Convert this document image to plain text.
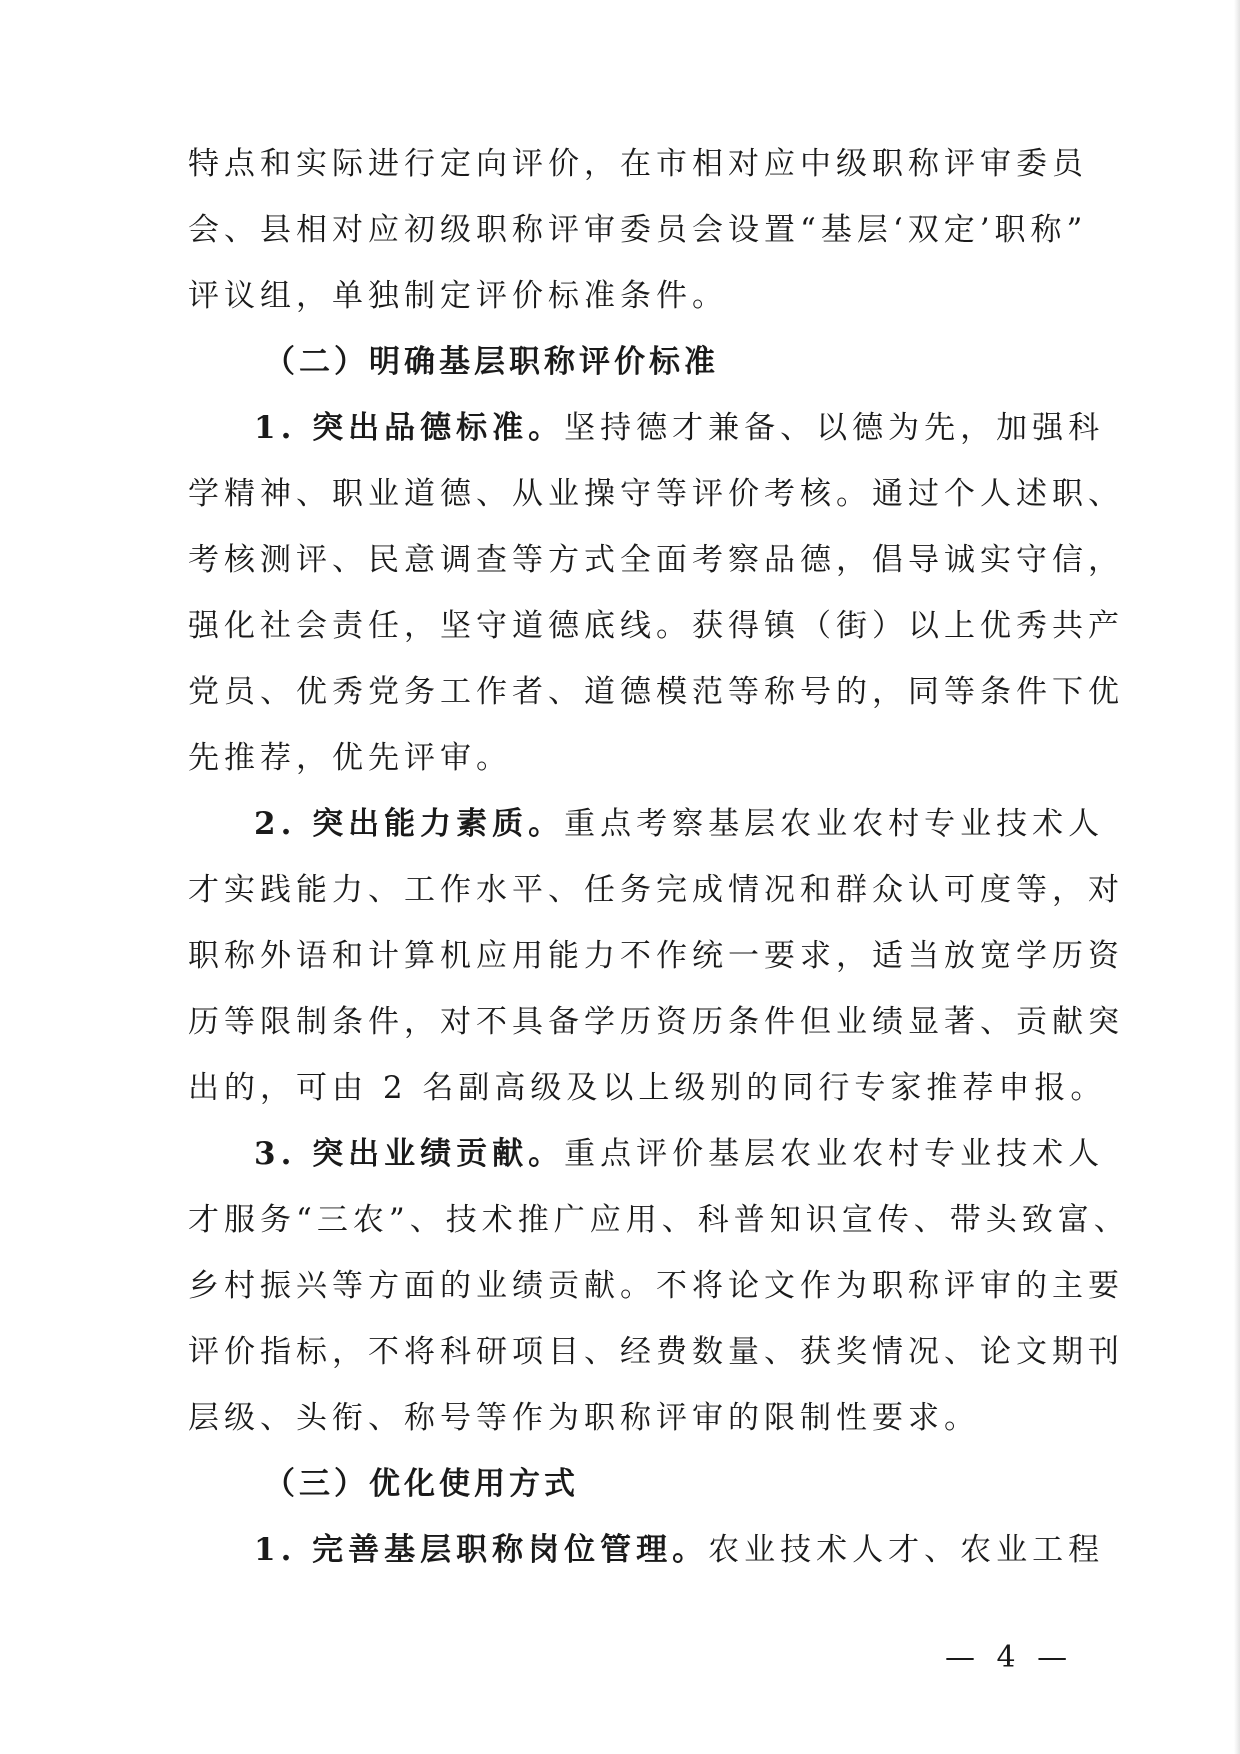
特点和实际进行定向评价，在市相对应中级职称评审委员
会、县相对应初级职称评审委员会设置“基层‘双定’职称”
评议组，单独制定评价标准条件。
（二）明确基层职称评价标准
1. 突出品德标准。坚持德才兼备、以德为先，加强科
学精神、职业道德、从业操守等评价考核。通过个人述职、
考核测评、民意调查等方式全面考察品德，倡导诚实守信，
强化社会责任，坚守道德底线。获得镇（街）以上优秀共产
党员、优秀党务工作者、道德模范等称号的，同等条件下优
先推荐，优先评审。
2. 突出能力素质。重点考察基层农业农村专业技术人
才实践能力、工作水平、任务完成情况和群众认可度等，对
职称外语和计算机应用能力不作统一要求，适当放宽学历资
历等限制条件，对不具备学历资历条件但业绩显著、贡献突
出的，可由 2 名副高级及以上级别的同行专家推荐申报。
3. 突出业绩贡献。重点评价基层农业农村专业技术人
才服务“三农”、技术推广应用、科普知识宣传、带头致富、
乡村振兴等方面的业绩贡献。不将论文作为职称评审的主要
评价指标，不将科研项目、经费数量、获奖情况、论文期刊
层级、头衔、称号等作为职称评审的限制性要求。
（三）优化使用方式
1. 完善基层职称岗位管理。农业技术人才、农业工程
— 4 —
